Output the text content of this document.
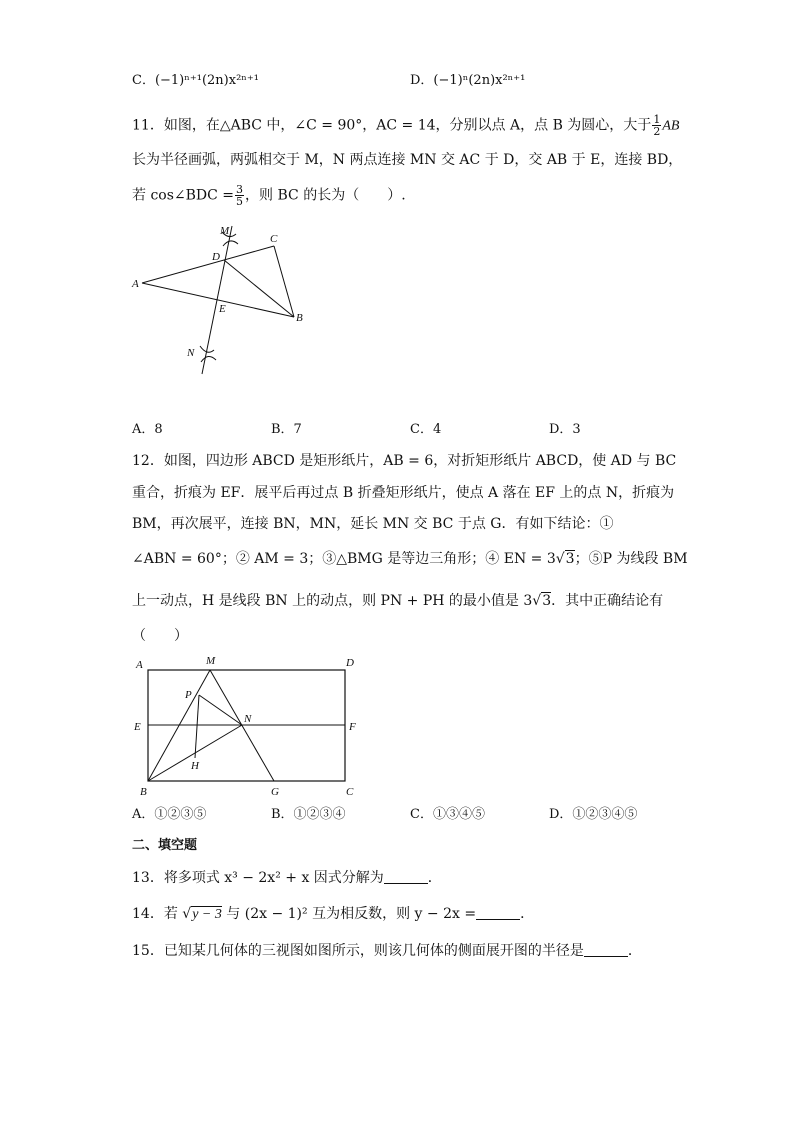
C．(−1)ⁿ⁺¹(2n)x²ⁿ⁺¹	D．(−1)ⁿ(2n)x²ⁿ⁺¹
11．如图，在△ABC 中，∠C = 90°，AC = 14，分别以点 A，点 B 为圆心，大于 $\frac{1}{2}$ AB
长为半径画弧，两弧相交于 M，N 两点连接 MN 交 AC 于 D，交 AB 于 E，连接 BD，
若 cos∠BDC = $\frac{3}{5}$ ，则 BC 的长为（　　）.
M
C
D
A
E
B
N
A．8	B．7	C．4	D．3
12．如图，四边形 ABCD 是矩形纸片，AB = 6，对折矩形纸片 ABCD，使 AD 与 BC
重合，折痕为 EF．展平后再过点 B 折叠矩形纸片，使点 A 落在 EF 上的点 N，折痕为
BM，再次展平，连接 BN，MN，延长 MN 交 BC 于点 G．有如下结论：①
∠ABN = 60°；② AM = 3；③△BMG 是等边三角形；④ EN = 3√3；⑤P 为线段 BM
上一动点，H 是线段 BN 上的动点，则 PN + PH 的最小值是 3√3．其中正确结论有
（　　）
A	M	D
P
E
N
F
H
B	G	C
A．①②③⑤	B．①②③④	C．①③④⑤	D．①②③④⑤
二、填空题
13．将多项式 x³ − 2x² + x 因式分解为	．
14．若 √y − 3 与 (2x − 1)² 互为相反数，则 y − 2x =	．
15．已知某几何体的三视图如图所示，则该几何体的侧面展开图的半径是	．
